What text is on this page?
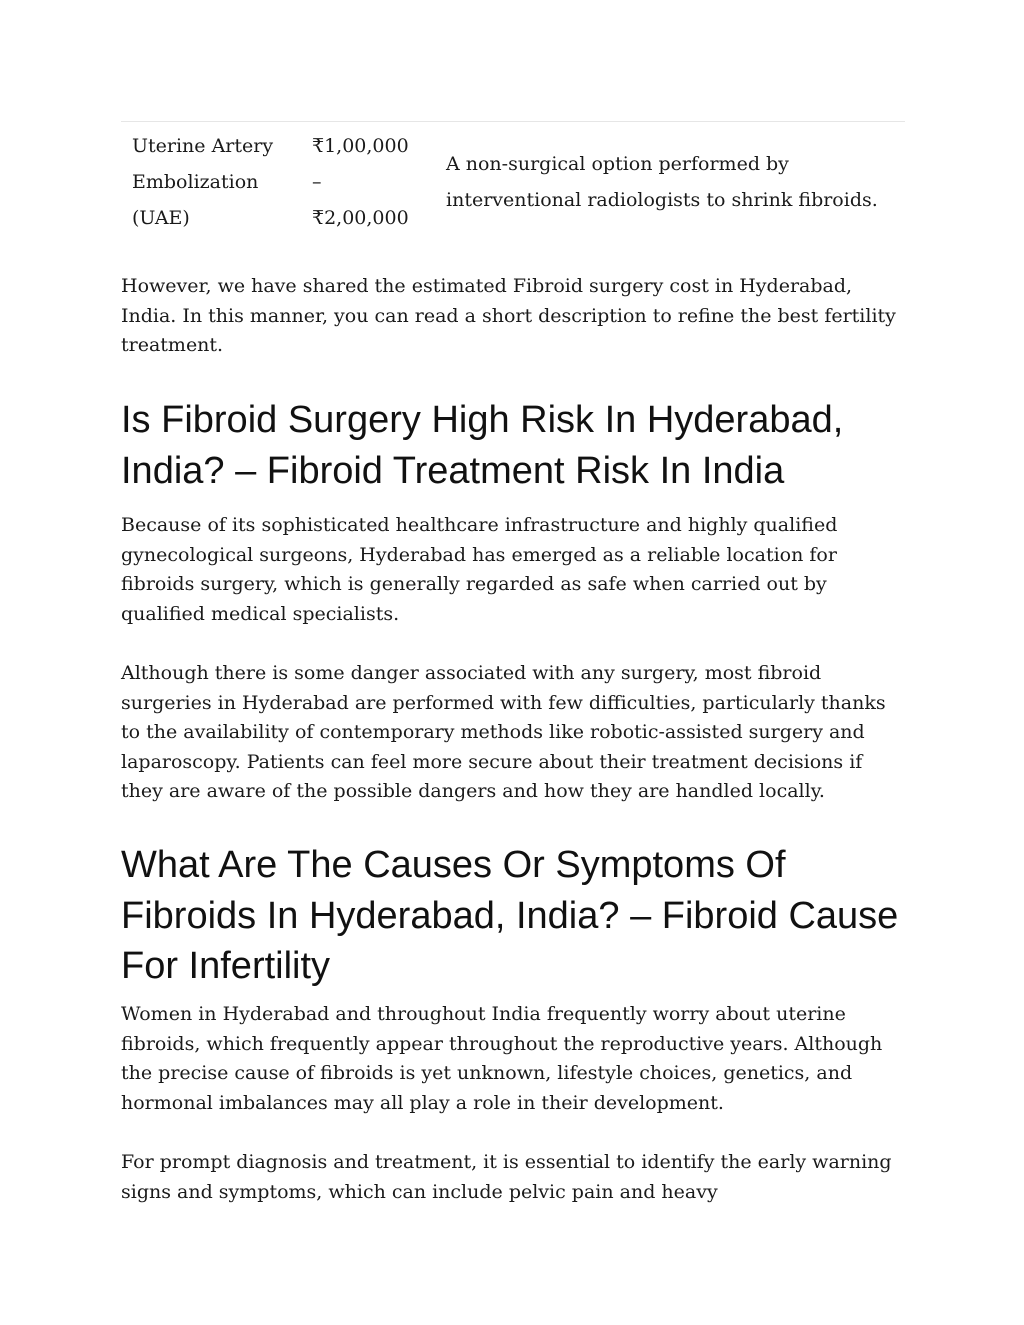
Uterine Artery
Embolization
(UAE)
₹1,00,000
–
₹2,00,000
A non-surgical option performed by
interventional radiologists to shrink fibroids.

However, we have shared the estimated Fibroid surgery cost in Hyderabad, India. In this manner, you can read a short description to refine the best fertility treatment.

Is Fibroid Surgery High Risk In Hyderabad, India? – Fibroid Treatment Risk In India

Because of its sophisticated healthcare infrastructure and highly qualified gynecological surgeons, Hyderabad has emerged as a reliable location for fibroids surgery, which is generally regarded as safe when carried out by qualified medical specialists.

Although there is some danger associated with any surgery, most fibroid surgeries in Hyderabad are performed with few difficulties, particularly thanks to the availability of contemporary methods like robotic-assisted surgery and laparoscopy. Patients can feel more secure about their treatment decisions if they are aware of the possible dangers and how they are handled locally.

What Are The Causes Or Symptoms Of Fibroids In Hyderabad, India? – Fibroid Cause For Infertility

Women in Hyderabad and throughout India frequently worry about uterine fibroids, which frequently appear throughout the reproductive years. Although the precise cause of fibroids is yet unknown, lifestyle choices, genetics, and hormonal imbalances may all play a role in their development.

For prompt diagnosis and treatment, it is essential to identify the early warning signs and symptoms, which can include pelvic pain and heavy
